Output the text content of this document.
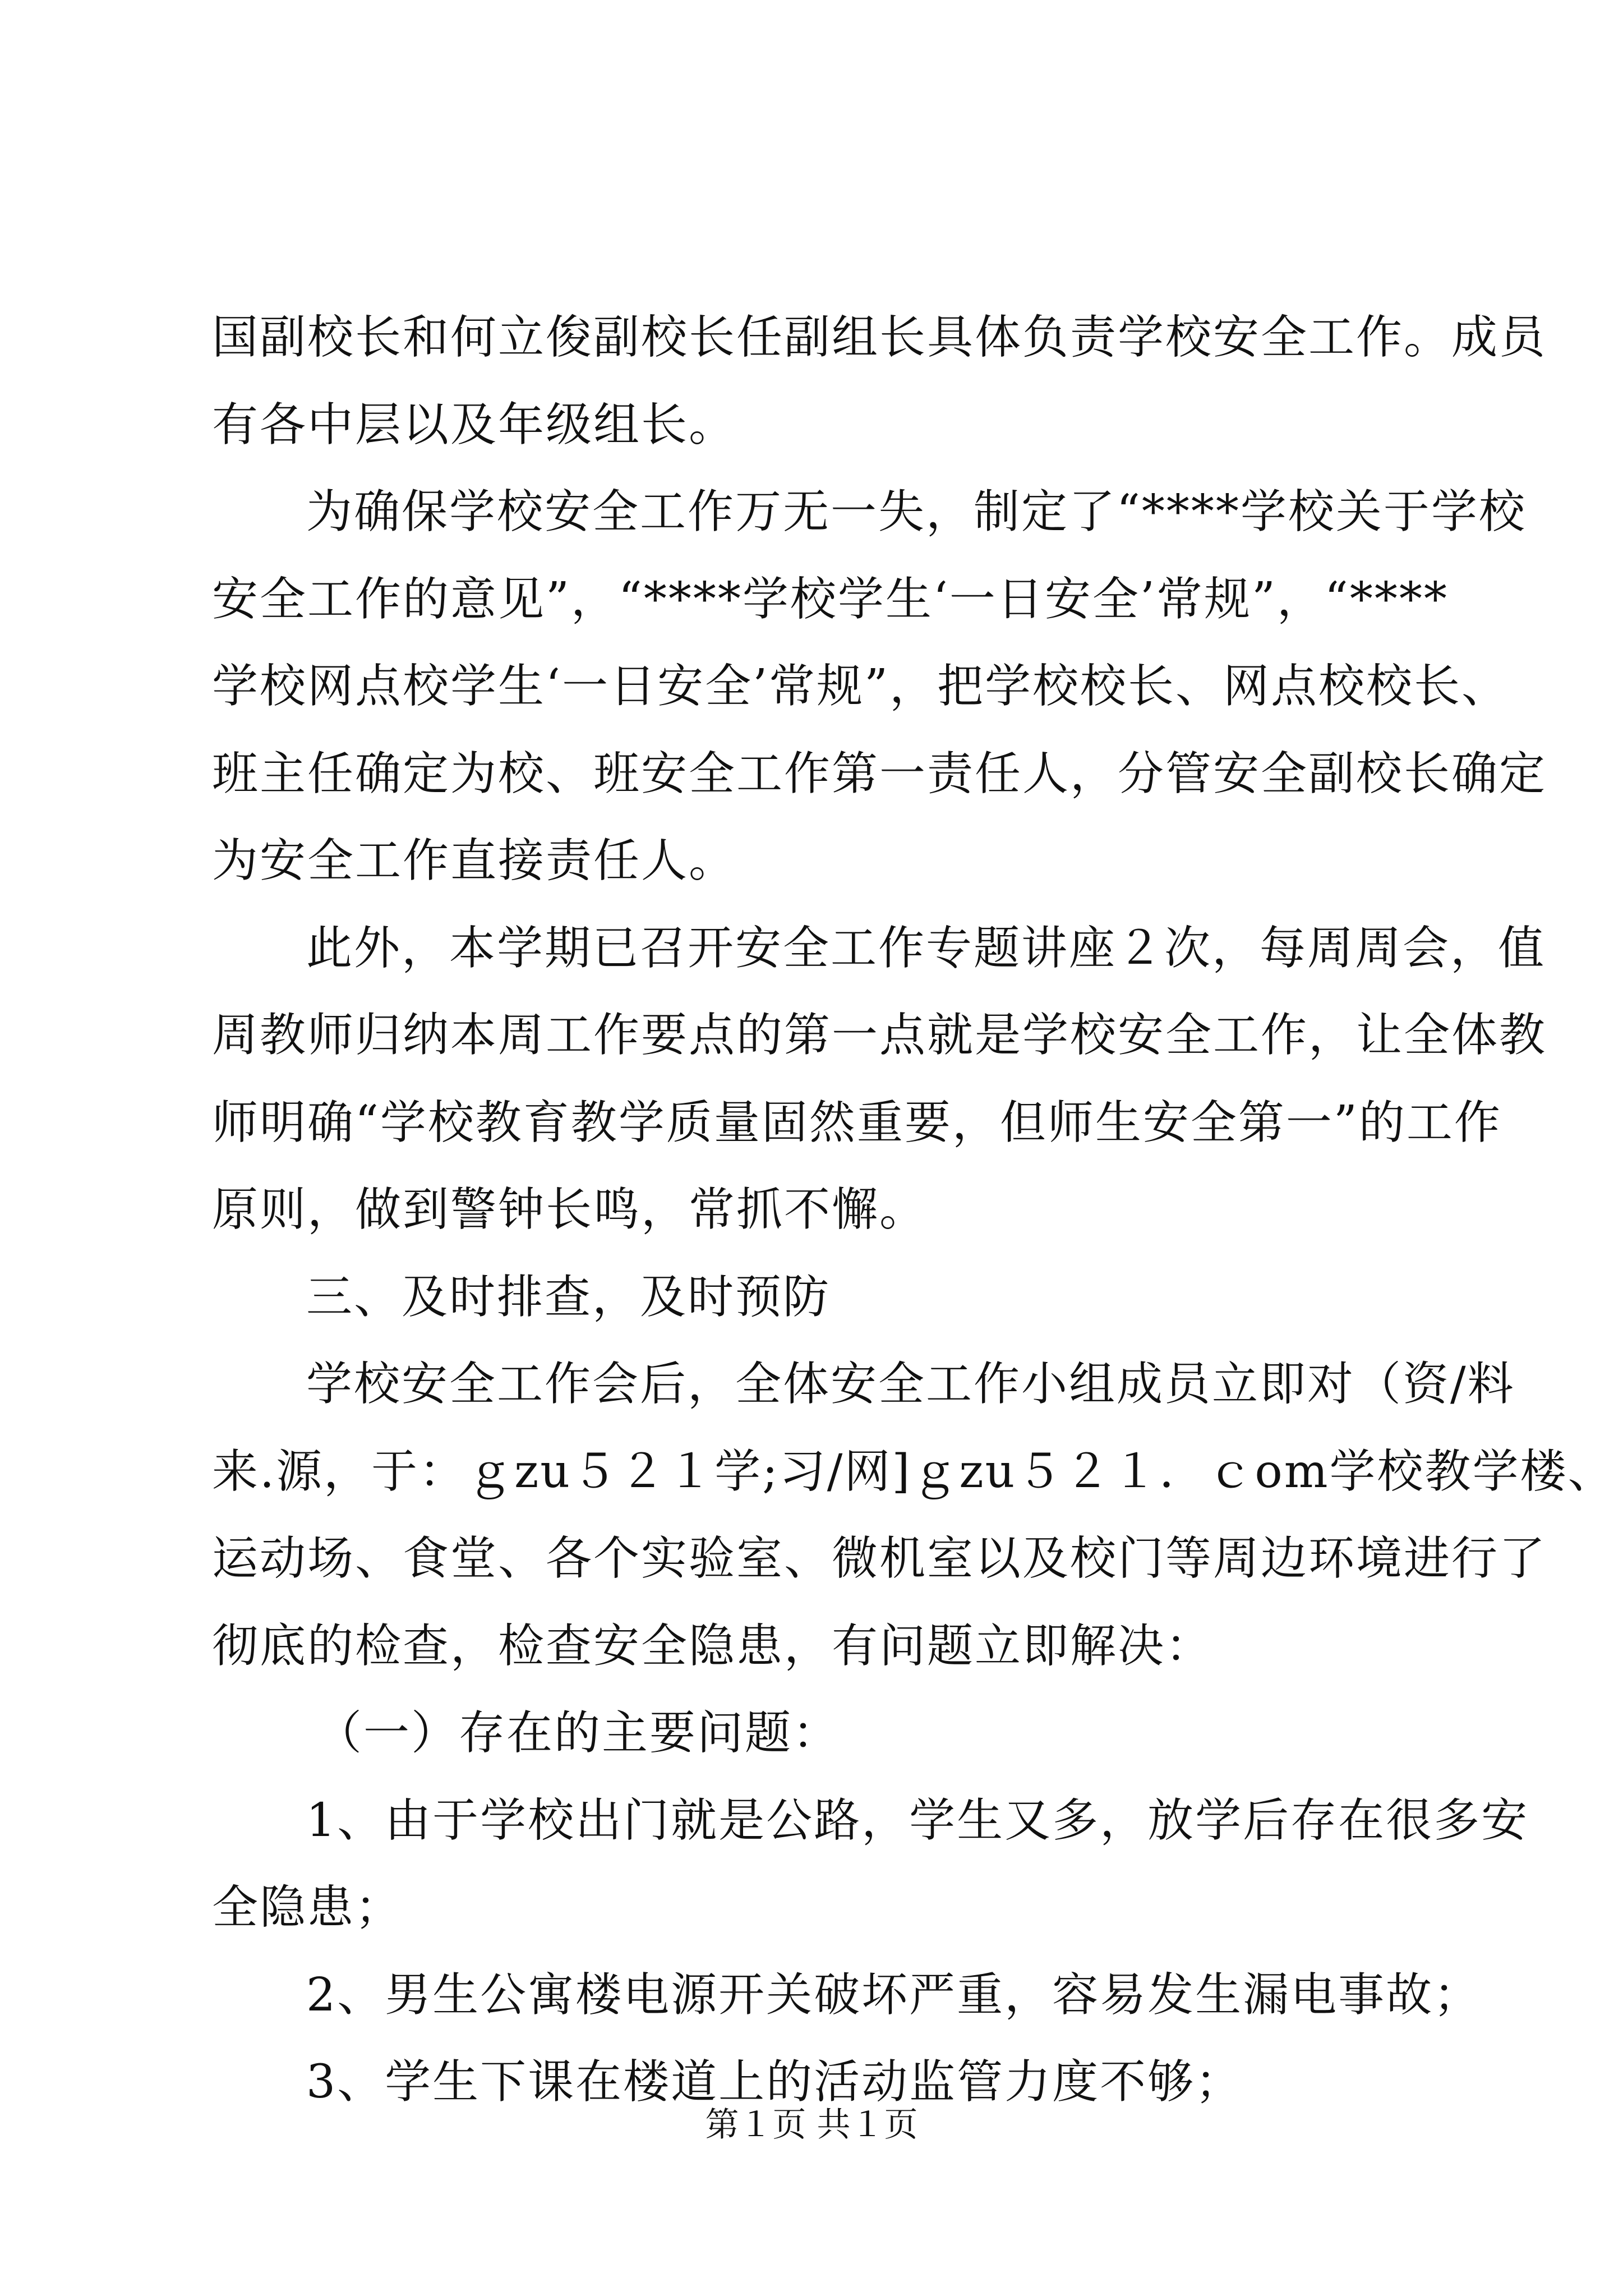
国副校长和何立俊副校长任副组长具体负责学校安全工作。成员
有各中层以及年级组长。
为确保学校安全工作万无一失，制定了“****学校关于学校
安全工作的意见”，“****学校学生‘一日安全’常规”，“****
学校网点校学生‘一日安全’常规”，把学校校长、网点校校长、
班主任确定为校、班安全工作第一责任人，分管安全副校长确定
为安全工作直接责任人。
此外，本学期已召开安全工作专题讲座２次，每周周会，值
周教师归纳本周工作要点的第一点就是学校安全工作，让全体教
师明确“学校教育教学质量固然重要，但师生安全第一”的工作
原则，做到警钟长鸣，常抓不懈。
三、及时排查，及时预防
学校安全工作会后，全体安全工作小组成员立即对（资/料
来.源，于：ｇzu５２１学;习/网]ｇzu５２１．ｃom学校教学楼、
运动场、食堂、各个实验室、微机室以及校门等周边环境进行了
彻底的检查，检查安全隐患，有问题立即解决：
（一）存在的主要问题：
1、由于学校出门就是公路，学生又多，放学后存在很多安
全隐患；
2、男生公寓楼电源开关破坏严重，容易发生漏电事故；
3、学生下课在楼道上的活动监管力度不够；
第１页 共１页
